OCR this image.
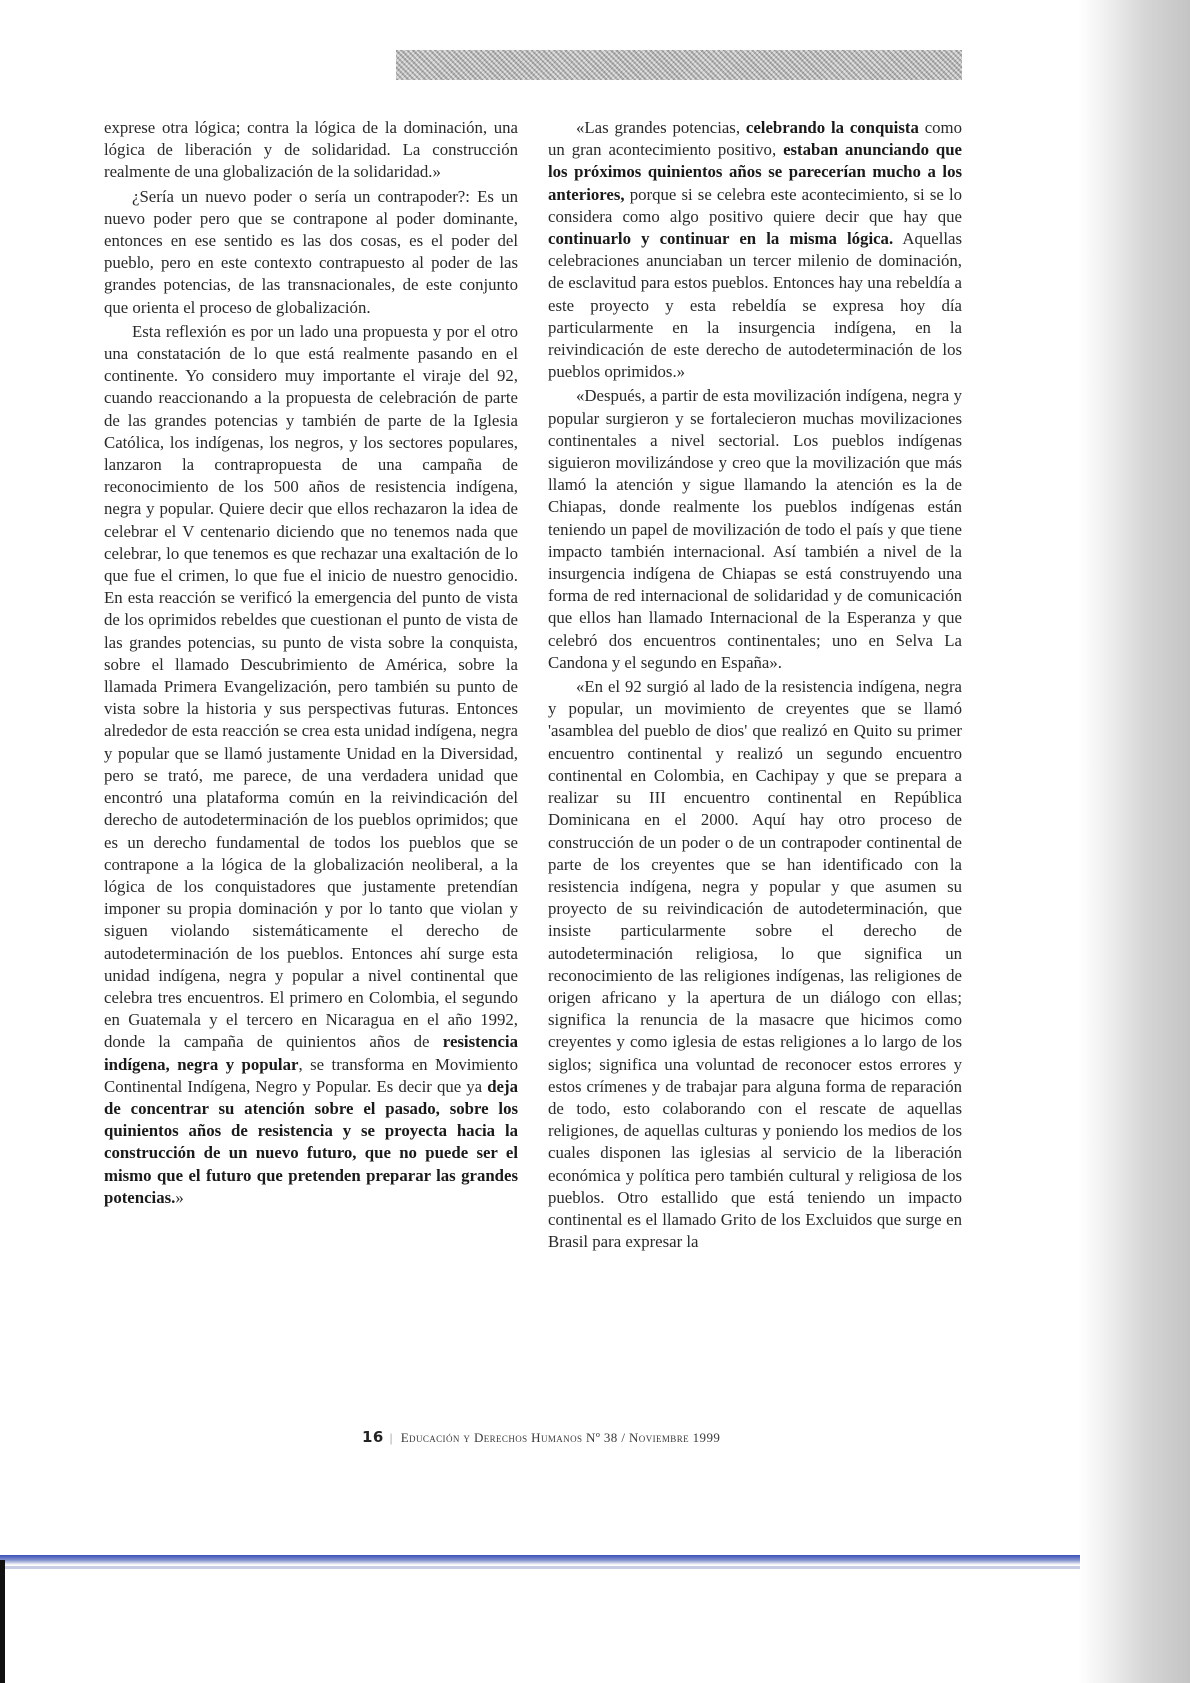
exprese otra lógica; contra la lógica de la dominación, una lógica de liberación y de solidaridad. La construcción realmente de una globalización de la solidaridad.»

¿Sería un nuevo poder o sería un contrapoder?: Es un nuevo poder pero que se contrapone al poder dominante, entonces en ese sentido es las dos cosas, es el poder del pueblo, pero en este contexto contrapuesto al poder de las grandes potencias, de las transnacionales, de este conjunto que orienta el proceso de globalización.

Esta reflexión es por un lado una propuesta y por el otro una constatación de lo que está realmente pasando en el continente. Yo considero muy importante el viraje del 92, cuando reaccionando a la propuesta de celebración de parte de las grandes potencias y también de parte de la Iglesia Católica, los indígenas, los negros, y los sectores populares, lanzaron la contrapropuesta de una campaña de reconocimiento de los 500 años de resistencia indígena, negra y popular. Quiere decir que ellos rechazaron la idea de celebrar el V centenario diciendo que no tenemos nada que celebrar, lo que tenemos es que rechazar una exaltación de lo que fue el crimen, lo que fue el inicio de nuestro genocidio. En esta reacción se verificó la emergencia del punto de vista de los oprimidos rebeldes que cuestionan el punto de vista de las grandes potencias, su punto de vista sobre la conquista, sobre el llamado Descubrimiento de América, sobre la llamada Primera Evangelización, pero también su punto de vista sobre la historia y sus perspectivas futuras. Entonces alrededor de esta reacción se crea esta unidad indígena, negra y popular que se llamó justamente Unidad en la Diversidad, pero se trató, me parece, de una verdadera unidad que encontró una plataforma común en la reivindicación del derecho de autodeterminación de los pueblos oprimidos; que es un derecho fundamental de todos los pueblos que se contrapone a la lógica de la globalización neoliberal, a la lógica de los conquistadores que justamente pretendían imponer su propia dominación y por lo tanto que violan y siguen violando sistemáticamente el derecho de autodeterminación de los pueblos. Entonces ahí surge esta unidad indígena, negra y popular a nivel continental que celebra tres encuentros. El primero en Colombia, el segundo en Guatemala y el tercero en Nicaragua en el año 1992, donde la campaña de quinientos años de resistencia indígena, negra y popular, se transforma en Movimiento Continental Indígena, Negro y Popular. Es decir que ya deja de concentrar su atención sobre el pasado, sobre los quinientos años de resistencia y se proyecta hacia la construcción de un nuevo futuro, que no puede ser el mismo que el futuro que pretenden preparar las grandes potencias.»

«Las grandes potencias, celebrando la conquista como un gran acontecimiento positivo, estaban anunciando que los próximos quinientos años se parecerían mucho a los anteriores, porque si se celebra este acontecimiento, si se lo considera como algo positivo quiere decir que hay que continuarlo y continuar en la misma lógica. Aquellas celebraciones anunciaban un tercer milenio de dominación, de esclavitud para estos pueblos. Entonces hay una rebeldía a este proyecto y esta rebeldía se expresa hoy día particularmente en la insurgencia indígena, en la reivindicación de este derecho de autodeterminación de los pueblos oprimidos.»

«Después, a partir de esta movilización indígena, negra y popular surgieron y se fortalecieron muchas movilizaciones continentales a nivel sectorial. Los pueblos indígenas siguieron movilizándose y creo que la movilización que más llamó la atención y sigue llamando la atención es la de Chiapas, donde realmente los pueblos indígenas están teniendo un papel de movilización de todo el país y que tiene impacto también internacional. Así también a nivel de la insurgencia indígena de Chiapas se está construyendo una forma de red internacional de solidaridad y de comunicación que ellos han llamado Internacional de la Esperanza y que celebró dos encuentros continentales; uno en Selva La Candona y el segundo en España».

«En el 92 surgió al lado de la resistencia indígena, negra y popular, un movimiento de creyentes que se llamó 'asamblea del pueblo de dios' que realizó en Quito su primer encuentro continental y realizó un segundo encuentro continental en Colombia, en Cachipay y que se prepara a realizar su III encuentro continental en República Dominicana en el 2000. Aquí hay otro proceso de construcción de un poder o de un contrapoder continental de parte de los creyentes que se han identificado con la resistencia indígena, negra y popular y que asumen su proyecto de su reivindicación de autodeterminación, que insiste particularmente sobre el derecho de autodeterminación religiosa, lo que significa un reconocimiento de las religiones indígenas, las religiones de origen africano y la apertura de un diálogo con ellas; significa la renuncia de la masacre que hicimos como creyentes y como iglesia de estas religiones a lo largo de los siglos; significa una voluntad de reconocer estos errores y estos crímenes y de trabajar para alguna forma de reparación de todo, esto colaborando con el rescate de aquellas religiones, de aquellas culturas y poniendo los medios de los cuales disponen las iglesias al servicio de la liberación económica y política pero también cultural y religiosa de los pueblos. Otro estallido que está teniendo un impacto continental es el llamado Grito de los Excluidos que surge en Brasil para expresar la

16 | Educación y Derechos Humanos Nº 38 / Noviembre 1999
